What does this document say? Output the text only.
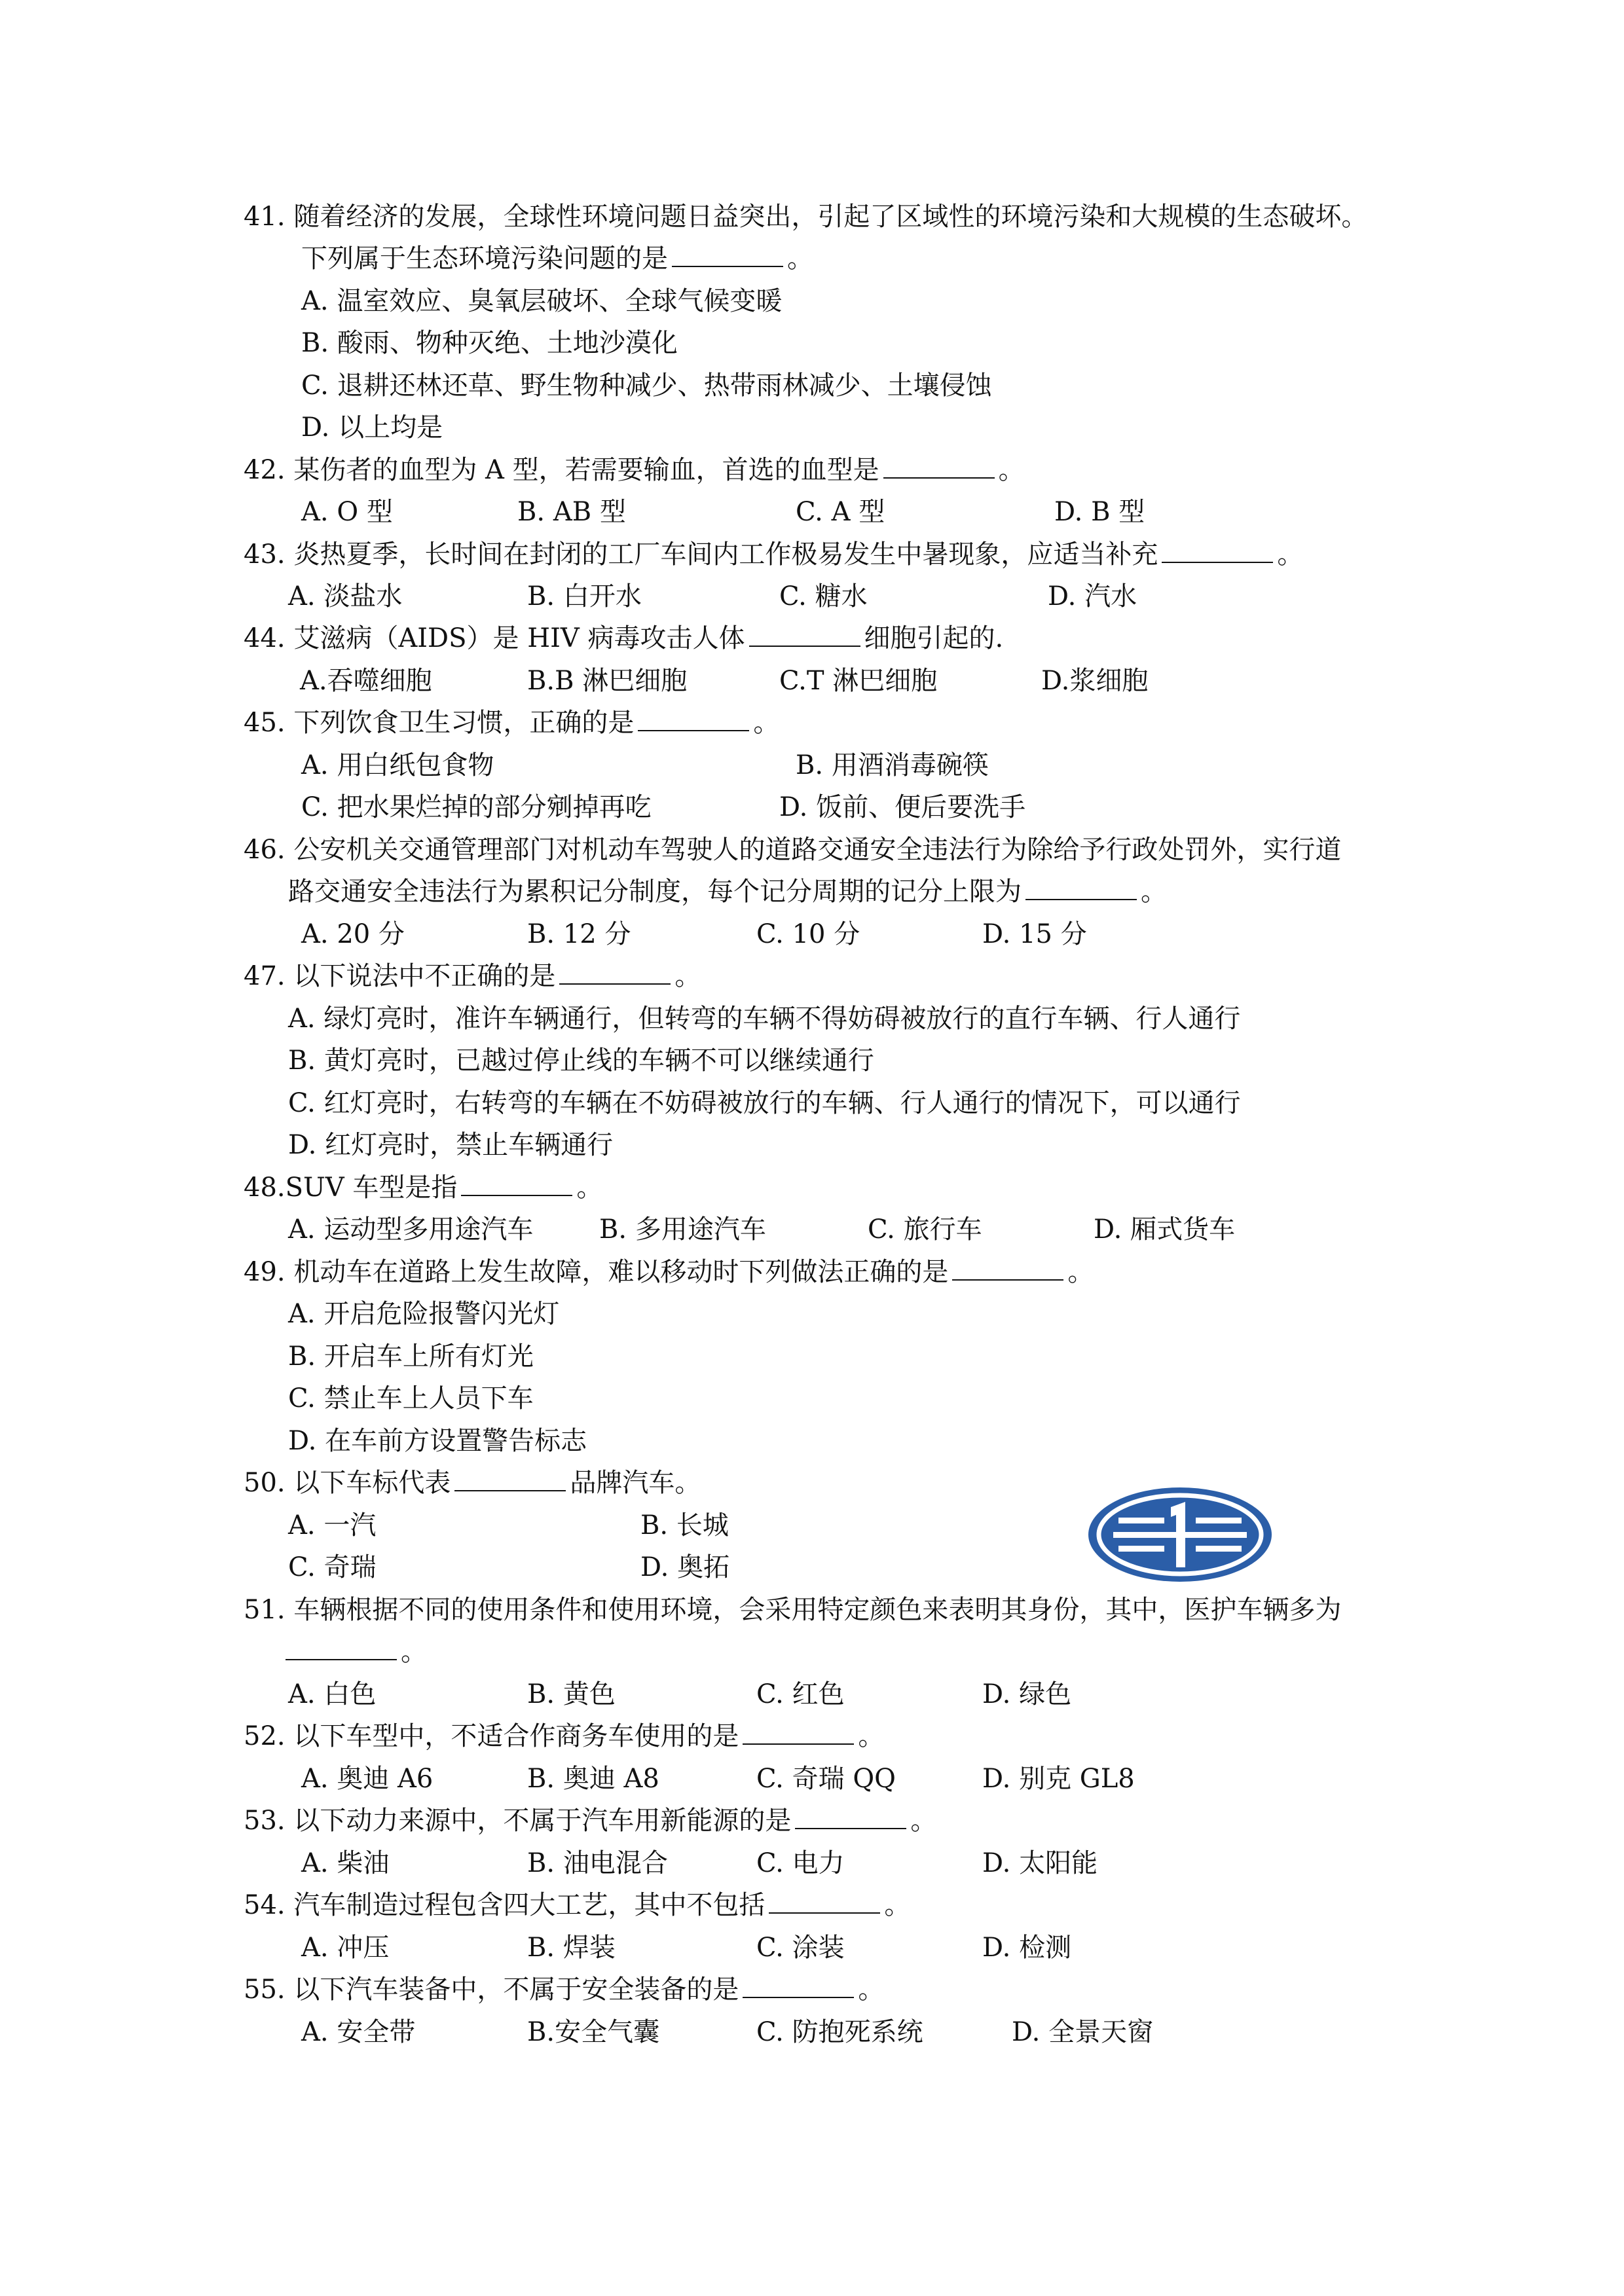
41. 随着经济的发展，全球性环境问题日益突出，引起了区域性的环境污染和大规模的生态破坏。
下列属于生态环境污染问题的是	。
A. 温室效应、臭氧层破坏、全球气候变暖
B. 酸雨、物种灭绝、土地沙漠化
C. 退耕还林还草、野生物种减少、热带雨林减少、土壤侵蚀
D. 以上均是
42. 某伤者的血型为 A 型，若需要输血，首选的血型是	。
A. O 型	B. AB 型	C. A 型	D. B 型
43. 炎热夏季，长时间在封闭的工厂车间内工作极易发生中暑现象，应适当补充	。
A. 淡盐水	B. 白开水	C. 糖水	D. 汽水
44. 艾滋病（AIDS）是 HIV 病毒攻击人体	细胞引起的.
A.吞噬细胞	B.B 淋巴细胞	C.T 淋巴细胞	D.浆细胞
45. 下列饮食卫生习惯，正确的是	。
A. 用白纸包食物	B. 用酒消毒碗筷
C. 把水果烂掉的部分剜掉再吃	D. 饭前、便后要洗手
46. 公安机关交通管理部门对机动车驾驶人的道路交通安全违法行为除给予行政处罚外，实行道
路交通安全违法行为累积记分制度，每个记分周期的记分上限为	。
A. 20 分	B. 12 分	C. 10 分	D. 15 分
47. 以下说法中不正确的是	。
A. 绿灯亮时，准许车辆通行，但转弯的车辆不得妨碍被放行的直行车辆、行人通行
B. 黄灯亮时，已越过停止线的车辆不可以继续通行
C. 红灯亮时，右转弯的车辆在不妨碍被放行的车辆、行人通行的情况下，可以通行
D. 红灯亮时，禁止车辆通行
48.SUV 车型是指	。
A. 运动型多用途汽车	B. 多用途汽车	C. 旅行车	D. 厢式货车
49. 机动车在道路上发生故障，难以移动时下列做法正确的是	。
A. 开启危险报警闪光灯
B. 开启车上所有灯光
C. 禁止车上人员下车
D. 在车前方设置警告标志
50. 以下车标代表	品牌汽车。
A. 一汽	B. 长城
C. 奇瑞	D. 奥拓
51. 车辆根据不同的使用条件和使用环境，会采用特定颜色来表明其身份，其中，医护车辆多为
。
A. 白色	B. 黄色	C. 红色	D. 绿色
52. 以下车型中，不适合作商务车使用的是	。
A. 奥迪 A6	B. 奥迪 A8	C. 奇瑞 QQ	D. 别克 GL8
53. 以下动力来源中，不属于汽车用新能源的是	。
A. 柴油	B. 油电混合	C. 电力	D. 太阳能
54. 汽车制造过程包含四大工艺，其中不包括	。
A. 冲压	B. 焊装	C. 涂装	D. 检测
55. 以下汽车装备中，不属于安全装备的是	。
A. 安全带	B.安全气囊	C. 防抱死系统	D. 全景天窗
